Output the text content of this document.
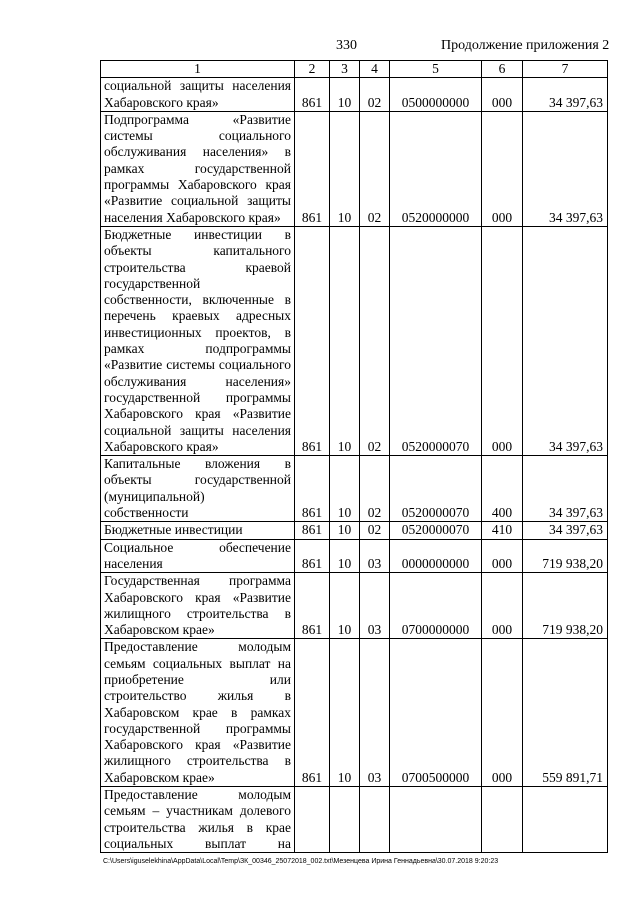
330	Продолжение приложения 2
1	2	3	4	5	6	7

социальной защиты населения Хабаровского края»	861	10	02	0500000000	000	34 397,63

Подпрограмма «Развитие системы социального обслуживания населения» в рамках государственной программы Хабаровского края «Развитие социальной защиты населения Хабаровского края»	861	10	02	0520000000	000	34 397,63

Бюджетные инвестиции в объекты капитального строительства краевой государственной собственности, включенные в перечень краевых адресных инвестиционных проектов, в рамках подпрограммы «Развитие системы социального обслуживания населения» государственной программы Хабаровского края «Развитие социальной защиты населения Хабаровского края»	861	10	02	0520000070	000	34 397,63

Капитальные вложения в объекты государственной (муниципальной) собственности	861	10	02	0520000070	400	34 397,63

Бюджетные инвестиции	861	10	02	0520000070	410	34 397,63

Социальное обеспечение населения	861	10	03	0000000000	000	719 938,20

Государственная программа Хабаровского края «Развитие жилищного строительства в Хабаровском крае»	861	10	03	0700000000	000	719 938,20

Предоставление молодым семьям социальных выплат на приобретение или строительство жилья в Хабаровском крае в рамках государственной программы Хабаровского края «Развитие жилищного строительства в Хабаровском крае»	861	10	03	0700500000	000	559 891,71
Предоставление молодым семьям – участникам долевого строительства жилья в крае социальных выплат на						
C:\Users\iguselekhina\AppData\Local\Temp\ЗК_00346_25072018_002.txt\Мезенцева Ирина Геннадьевна\30.07.2018 9:20:23
